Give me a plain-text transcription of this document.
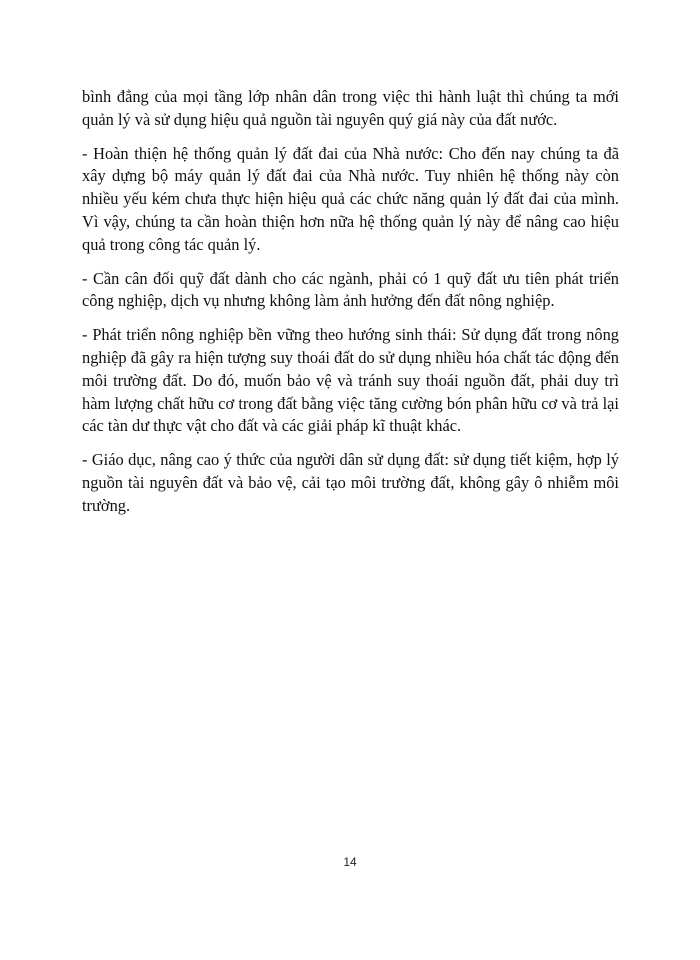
bình đẳng của mọi tầng lớp nhân dân trong việc thi hành luật thì chúng ta mới quản lý và sử dụng hiệu quả nguồn tài nguyên quý giá này của đất nước.

- Hoàn thiện hệ thống quản lý đất đai của Nhà nước: Cho đến nay chúng ta đã xây dựng bộ máy quản lý đất đai của Nhà nước. Tuy nhiên hệ thống này còn nhiều yếu kém chưa thực hiện hiệu quả các chức năng quản lý đất đai của mình. Vì vậy, chúng ta cần hoàn thiện hơn nữa hệ thống quản lý này để nâng cao hiệu quả trong công tác quản lý.

- Cần cân đối quỹ đất dành cho các ngành, phải có 1 quỹ đất ưu tiên phát triển công nghiệp, dịch vụ nhưng không làm ảnh hưởng đến đất nông nghiệp.

- Phát triển nông nghiệp bền vững theo hướng sinh thái: Sử dụng đất trong nông nghiệp đã gây ra hiện tượng suy thoái đất do sử dụng nhiều hóa chất tác động đến môi trường đất. Do đó, muốn bảo vệ và tránh suy thoái nguồn đất, phải duy trì hàm lượng chất hữu cơ trong đất bằng việc tăng cường bón phân hữu cơ và trả lại các tàn dư thực vật cho đất và các giải pháp kĩ thuật khác.

- Giáo dục, nâng cao ý thức của người dân sử dụng đất: sử dụng tiết kiệm, hợp lý nguồn tài nguyên đất và bảo vệ, cải tạo môi trường đất, không gây ô nhiễm môi trường.

14
